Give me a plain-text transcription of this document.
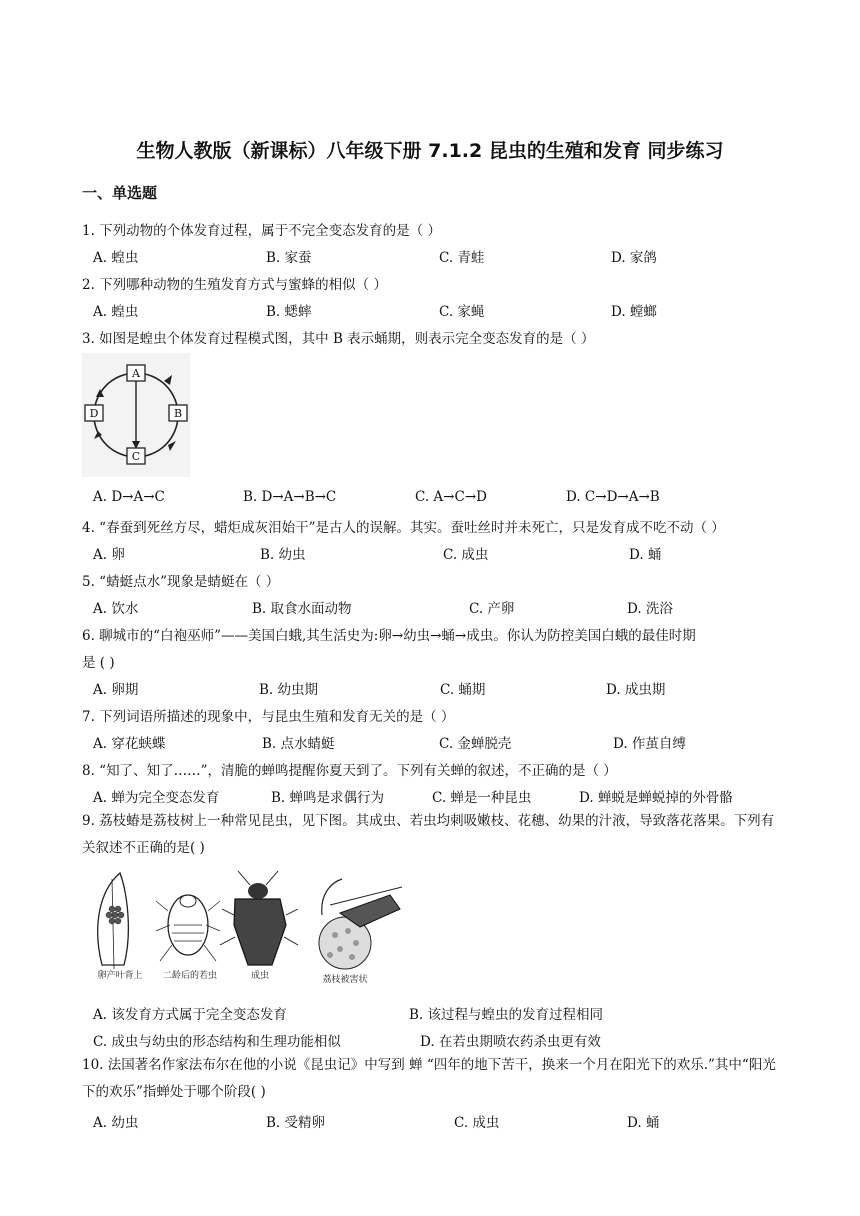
生物人教版（新课标）八年级下册 7.1.2 昆虫的生殖和发育 同步练习
一、单选题
1. 下列动物的个体发育过程，属于不完全变态发育的是（ ）
A. 蝗虫	B. 家蚕	C. 青蛙	D. 家鸽
2. 下列哪种动物的生殖发育方式与蜜蜂的相似（ ）
A. 蝗虫	B. 蟋蟀	C. 家蝇	D. 螳螂
3. 如图是蝗虫个体发育过程模式图，其中 B 表示蛹期，则表示完全变态发育的是（ ）
A
B
C
D
A. D→A→C	B. D→A→B→C	C. A→C→D	D. C→D→A→B
4. “春蚕到死丝方尽，蜡炬成灰泪始干”是古人的误解。其实。蚕吐丝时并未死亡，只是发育成不吃不动（ ）
A. 卵	B. 幼虫	C. 成虫	D. 蛹
5. “蜻蜓点水”现象是蜻蜓在（ ）
A. 饮水	B. 取食水面动物	C. 产卵	D. 洗浴
6. 聊城市的“白袍巫师”——美国白蛾,其生活史为:卵→幼虫→蛹→成虫。你认为防控美国白蛾的最佳时期
是 ( )
A. 卵期	B. 幼虫期	C. 蛹期	D. 成虫期
7. 下列词语所描述的现象中，与昆虫生殖和发育无关的是（ ）
A. 穿花蛱蝶	B. 点水蜻蜓	C. 金蝉脱壳	D. 作茧自缚
8. “知了、知了……”，清脆的蝉鸣提醒你夏天到了。下列有关蝉的叙述，不正确的是（ ）
A. 蝉为完全变态发育	B. 蝉鸣是求偶行为	C. 蝉是一种昆虫	D. 蝉蜕是蝉蜕掉的外骨骼
9. 荔枝蝽是荔枝树上一种常见昆虫，见下图。其成虫、若虫均刺吸嫩枝、花穗、幼果的汁液，导致落花落果。下列有关叙述不正确的是( )
卵产叶背上 二龄后的若虫	成虫	荔枝被害状
A. 该发育方式属于完全变态发育	B. 该过程与蝗虫的发育过程相同
C. 成虫与幼虫的形态结构和生理功能相似	D. 在若虫期喷农药杀虫更有效
10. 法国著名作家法布尔在他的小说《昆虫记》中写到 蝉 “四年的地下苦干，换来一个月在阳光下的欢乐.”其中“阳光下的欢乐”指蝉处于哪个阶段( )
A. 幼虫	B. 受精卵	C. 成虫	D. 蛹
